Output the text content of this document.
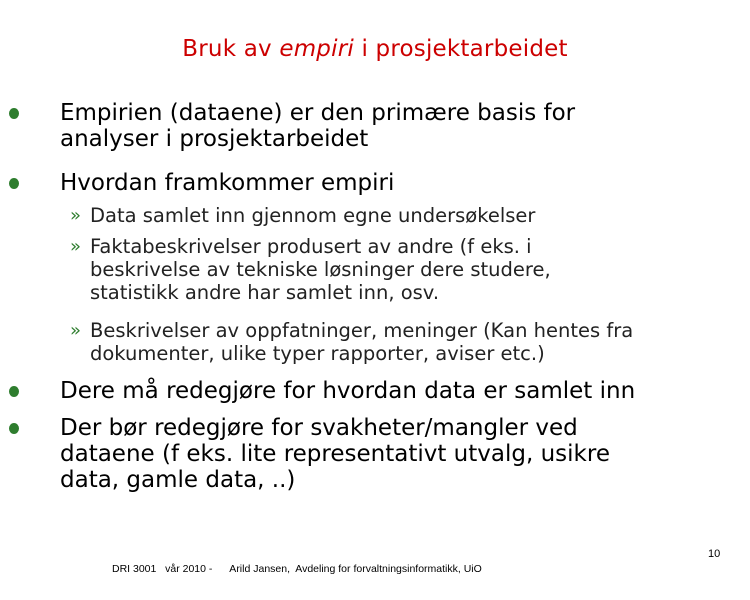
Bruk av empiri i prosjektarbeidet
Empirien (dataene) er den primære basis for
analyser i prosjektarbeidet
Hvordan framkommer empiri
» Data samlet inn gjennom egne undersøkelser
» Faktabeskrivelser produsert av andre (f eks. i
beskrivelse av tekniske løsninger dere studere,
statistikk andre har samlet inn, osv.
» Beskrivelser av oppfatninger, meninger (Kan hentes fra
dokumenter, ulike typer rapporter, aviser etc.)
Dere må redegjøre for hvordan data er samlet inn
Der bør redegjøre for svakheter/mangler ved
dataene (f eks. lite representativt utvalg, usikre
data, gamle data, ..)
DRI 3001   vår 2010 -      Arild Jansen,  Avdeling for forvaltningsinformatikk, UiO
10
